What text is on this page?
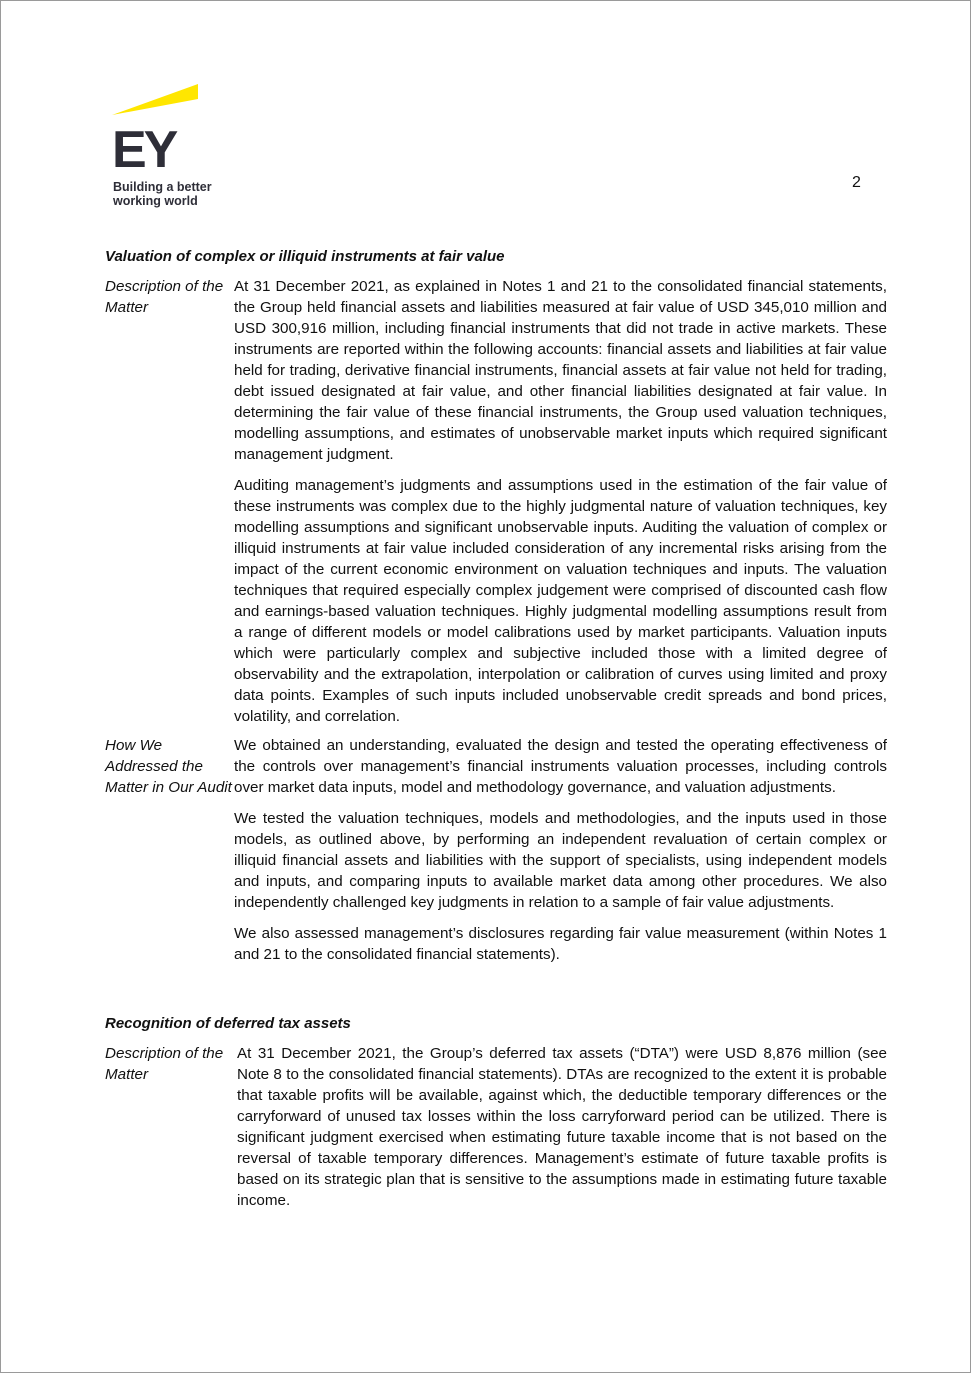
EY
Building a better
working world
2
Valuation of complex or illiquid instruments at fair value
Description of the Matter

At 31 December 2021, as explained in Notes 1 and 21 to the consolidated financial statements, the Group held financial assets and liabilities measured at fair value of USD 345,010 million and USD 300,916 million, including financial instruments that did not trade in active markets. These instruments are reported within the following accounts: financial assets and liabilities at fair value held for trading, derivative financial instruments, financial assets at fair value not held for trading, debt issued designated at fair value, and other financial liabilities designated at fair value. In determining the fair value of these financial instruments, the Group used valuation techniques, modelling assumptions, and estimates of unobservable market inputs which required significant management judgment.

Auditing management’s judgments and assumptions used in the estimation of the fair value of these instruments was complex due to the highly judgmental nature of valuation techniques, key modelling assumptions and significant unobservable inputs. Auditing the valuation of complex or illiquid instruments at fair value included consideration of any incremental risks arising from the impact of the current economic environment on valuation techniques and inputs. The valuation techniques that required especially complex judgement were comprised of discounted cash flow and earnings-based valuation techniques. Highly judgmental modelling assumptions result from a range of different models or model calibrations used by market participants. Valuation inputs which were particularly complex and subjective included those with a limited degree of observability and the extrapolation, interpolation or calibration of curves using limited and proxy data points. Examples of such inputs included unobservable credit spreads and bond prices, volatility, and correlation.

How We Addressed the Matter in Our Audit

We obtained an understanding, evaluated the design and tested the operating effectiveness of the controls over management’s financial instruments valuation processes, including controls over market data inputs, model and methodology governance, and valuation adjustments.

We tested the valuation techniques, models and methodologies, and the inputs used in those models, as outlined above, by performing an independent revaluation of certain complex or illiquid financial assets and liabilities with the support of specialists, using independent models and inputs, and comparing inputs to available market data among other procedures. We also independently challenged key judgments in relation to a sample of fair value adjustments.

We also assessed management’s disclosures regarding fair value measurement (within Notes 1 and 21 to the consolidated financial statements).

Recognition of deferred tax assets
Description of the Matter

At 31 December 2021, the Group’s deferred tax assets (“DTA”) were USD 8,876 million (see Note 8 to the consolidated financial statements). DTAs are recognized to the extent it is probable that taxable profits will be available, against which, the deductible temporary differences or the carryforward of unused tax losses within the loss carryforward period can be utilized. There is significant judgment exercised when estimating future taxable income that is not based on the reversal of taxable temporary differences. Management’s estimate of future taxable profits is based on its strategic plan that is sensitive to the assumptions made in estimating future taxable income.
